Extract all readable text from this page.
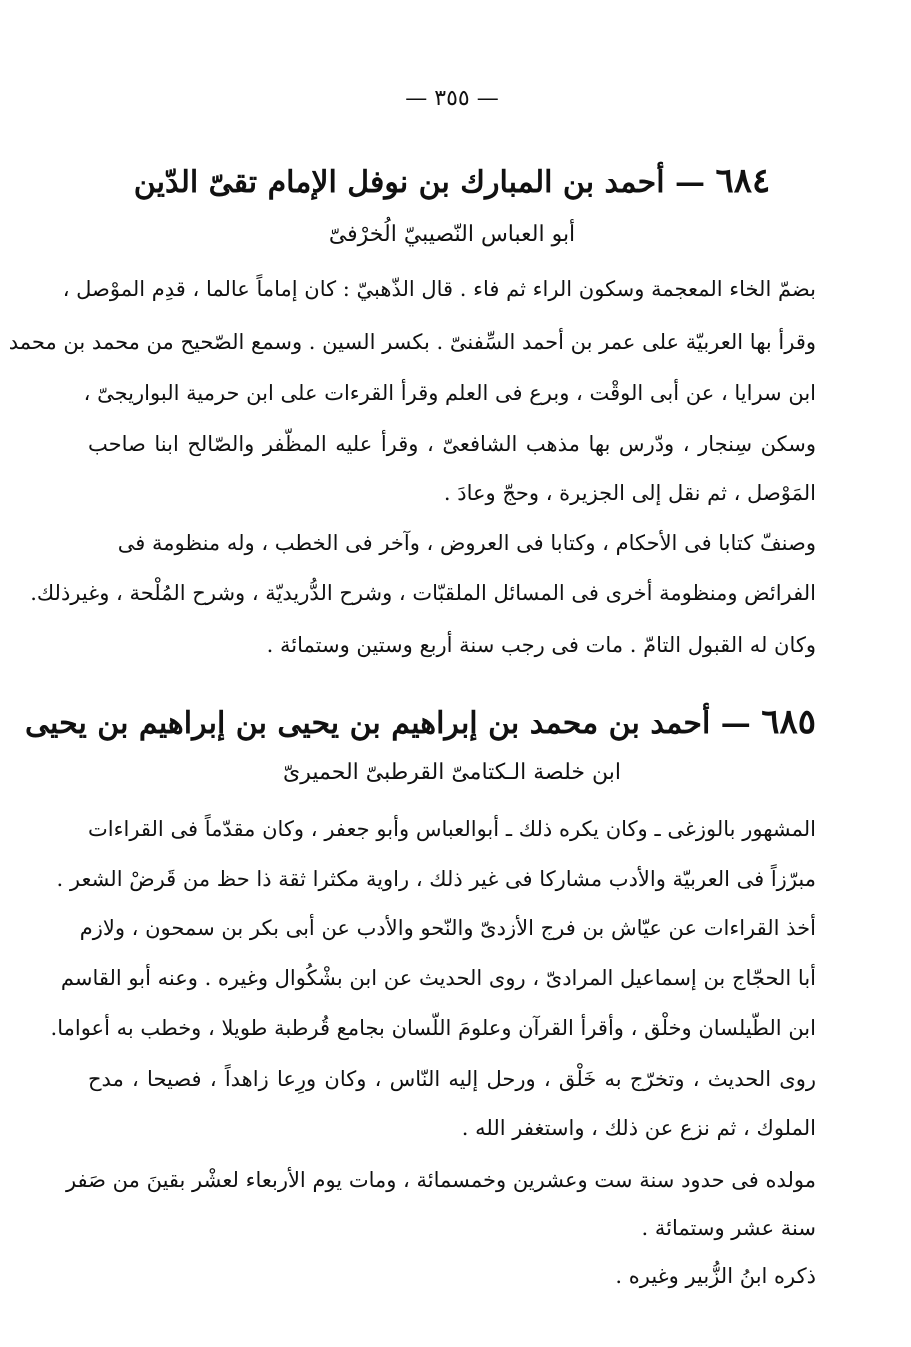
— ٣٥٥ —
٦٨٤ — أحمد بن المبارك بن نوفل الإمام تقىّ الدّين
أبو العباس النّصيبيّ الُخرْفىّ
بضمّ الخاء المعجمة وسكون الراء ثم فاء . قال الذّهبيّ : كان إماماً عالما ، قدِم الموْصل ،
وقرأ بها العربيّة على عمر بن أحمد السِّفنىّ . بكسر السين . وسمع الصّحيح من محمد بن محمد
ابن سرايا ، عن أبى الوقْت ، وبرع فى العلم وقرأ القرءات على ابن حرمية البواريجىّ ،
وسكن سِنجار ، ودّرس بها مذهب الشافعىّ ، وقرأ عليه المظّفر والصّالح ابنا صاحب
المَوْصل ، ثم نقل إلى الجزيرة ، وحجّ وعادَ .
وصنفّ كتابا فى الأحكام ، وكتابا فى العروض ، وآخر فى الخطب ، وله منظومة فى
الفرائض ومنظومة أخرى فى المسائل الملقبّات ، وشرح الدُّريديّة ، وشرح المُلْحة ، وغيرذلك.
وكان له القبول التامّ . مات فى رجب سنة أربع وستين وستمائة .
٦٨٥ — أحمد بن محمد بن إبراهيم بن يحيى بن إبراهيم بن يحيى
ابن خلصة الـكتامىّ القرطبىّ الحميرىّ
المشهور بالوزغى ـ وكان يكره ذلك ـ أبوالعباس وأبو جعفر ، وكان مقدّماً فى القراءات
مبرّزاً فى العربيّة والأدب مشاركا فى غير ذلك ، راوية مكثرا ثقة ذا حظ من قَرضْ الشعر .
أخذ القراءات عن عيّاش بن فرج الأزدىّ والنّحو والأدب عن أبى بكر بن سمحون ، ولازم
أبا الحجّاج بن إسماعيل المرادىّ ، روى الحديث عن ابن بشْكُوال وغيره . وعنه أبو القاسم
ابن الطّيلسان وخلْق ، وأقرأ القرآن وعلومَ اللّسان بجامع قُرطبة طويلا ، وخطب به أعواما.
روى الحديث ، وتخرّج به خَلْق ، ورحل إليه النّاس ، وكان ورِعا زاهداً ، فصيحا ، مدح
الملوك ، ثم نزع عن ذلك ، واستغفر الله .
مولده فى حدود سنة ست وعشرين وخمسمائة ، ومات يوم الأربعاء لعشْر بقينَ من صَفر
سنة عشر وستمائة .
ذكره ابنُ الزُّبير وغيره .
